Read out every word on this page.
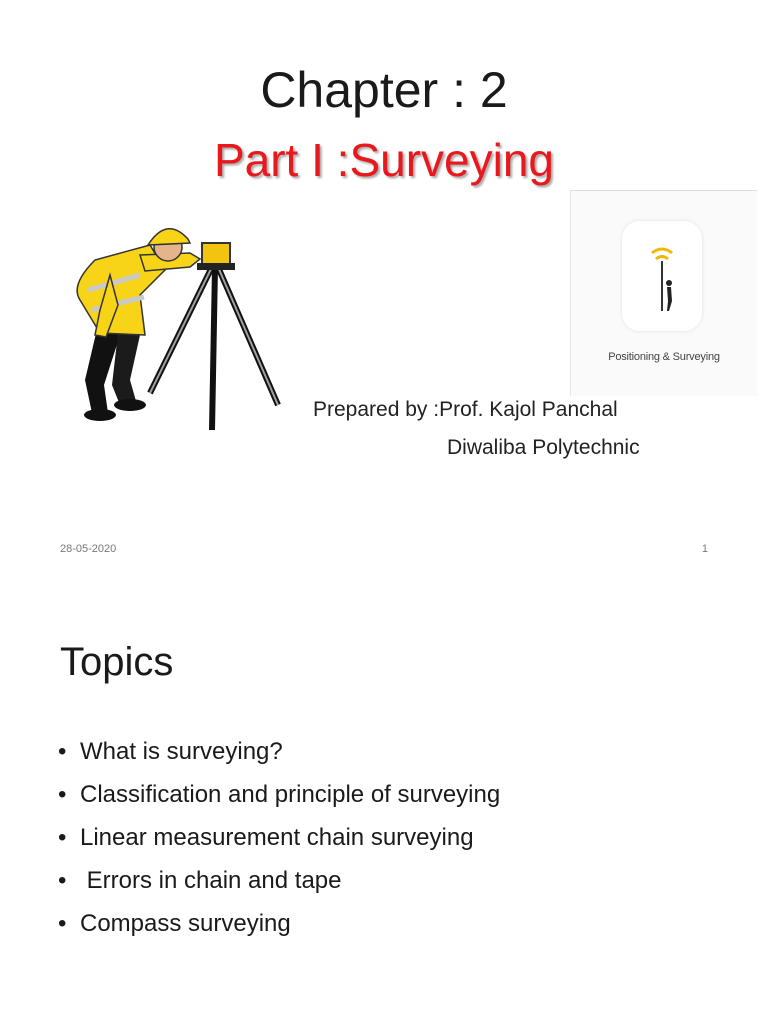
Chapter : 2
Part I :Surveying
Positioning & Surveying
Prepared by :Prof. Kajol Panchal
Diwaliba Polytechnic
28-05-2020	1
Topics
• What is surveying?
• Classification and principle of surveying
• Linear measurement chain surveying
• Errors in chain and tape
• Compass surveying
